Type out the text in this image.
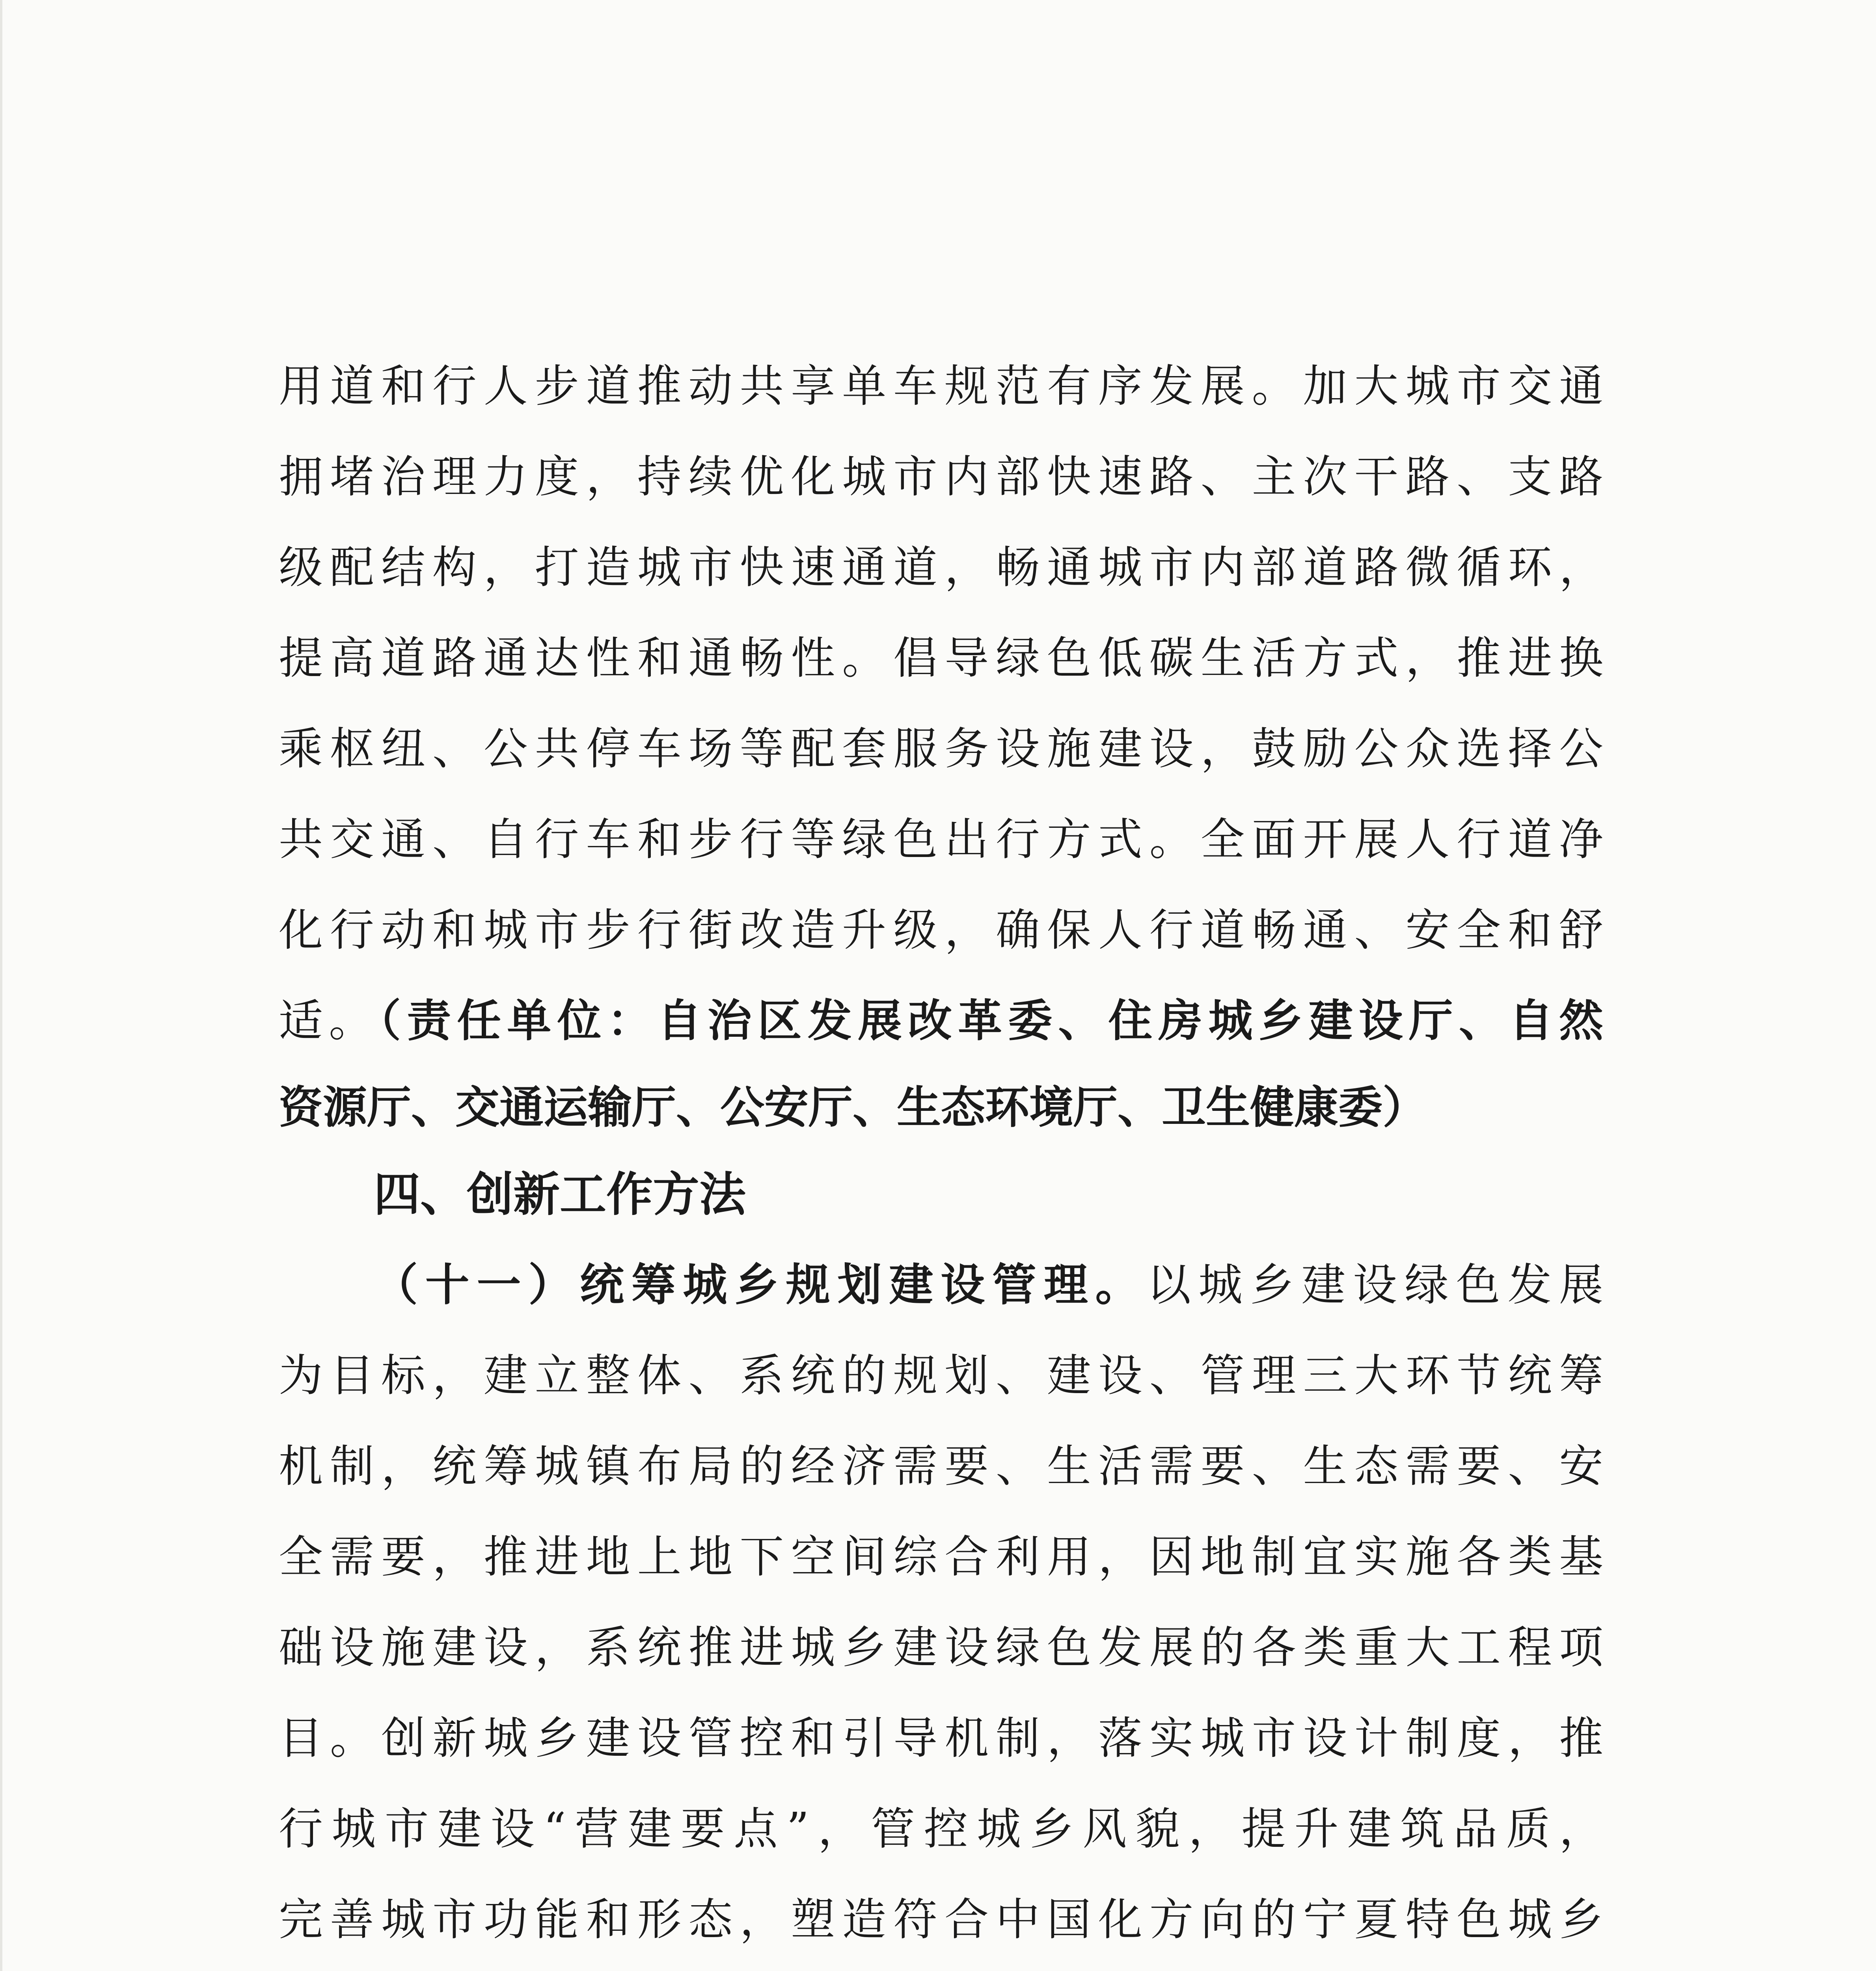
用道和行人步道推动共享单车规范有序发展。加大城市交通
拥堵治理力度，持续优化城市内部快速路、主次干路、支路
级配结构，打造城市快速通道，畅通城市内部道路微循环，
提高道路通达性和通畅性。倡导绿色低碳生活方式，推进换
乘枢纽、公共停车场等配套服务设施建设，鼓励公众选择公
共交通、自行车和步行等绿色出行方式。全面开展人行道净
化行动和城市步行街改造升级，确保人行道畅通、安全和舒
适。（责任单位：自治区发展改革委、住房城乡建设厅、自然
资源厅、交通运输厅、公安厅、生态环境厅、卫生健康委）
四、创新工作方法
（十一）统筹城乡规划建设管理。以城乡建设绿色发展
为目标，建立整体、系统的规划、建设、管理三大环节统筹
机制，统筹城镇布局的经济需要、生活需要、生态需要、安
全需要，推进地上地下空间综合利用，因地制宜实施各类基
础设施建设，系统推进城乡建设绿色发展的各类重大工程项
目。创新城乡建设管控和引导机制，落实城市设计制度，推
行城市建设“营建要点”，管控城乡风貌，提升建筑品质，
完善城市功能和形态，塑造符合中国化方向的宁夏特色城乡
